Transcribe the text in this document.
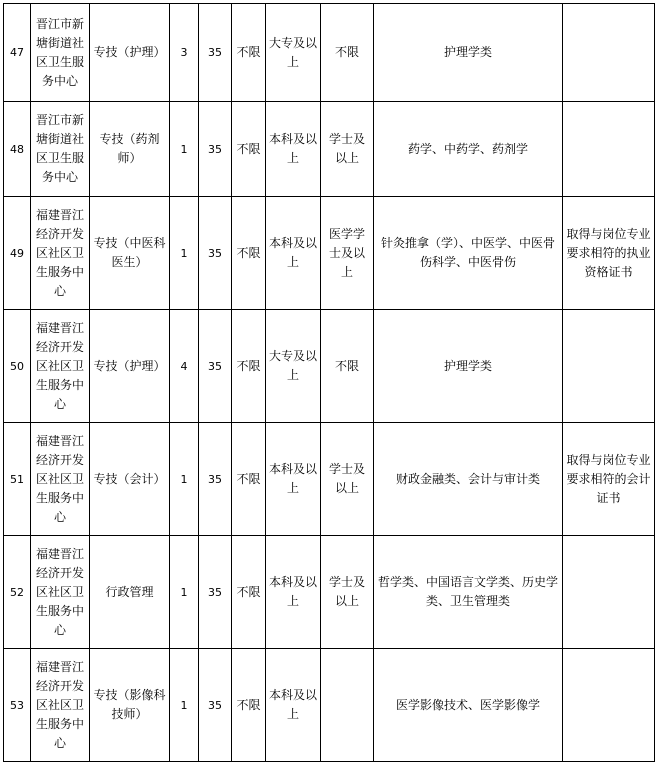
47	晋江市新塘街道社区卫生服务中心	专技（护理）	3	35	不限	大专及以上	不限	护理学类	
48	晋江市新塘街道社区卫生服务中心	专技（药剂师）	1	35	不限	本科及以上	学士及以上	药学、中药学、药剂学	
49	福建晋江经济开发区社区卫生服务中心	专技（中医科医生）	1	35	不限	本科及以上	医学学士及以上	针灸推拿（学）、中医学、中医骨伤科学、中医骨伤	取得与岗位专业要求相符的执业资格证书
50	福建晋江经济开发区社区卫生服务中心	专技（护理）	4	35	不限	大专及以上	不限	护理学类	
51	福建晋江经济开发区社区卫生服务中心	专技（会计）	1	35	不限	本科及以上	学士及以上	财政金融类、会计与审计类	取得与岗位专业要求相符的会计证书
52	福建晋江经济开发区社区卫生服务中心	行政管理	1	35	不限	本科及以上	学士及以上	哲学类、中国语言文学类、历史学类、卫生管理类	
53	福建晋江经济开发区社区卫生服务中心	专技（影像科技师）	1	35	不限	本科及以上		医学影像技术、医学影像学	
